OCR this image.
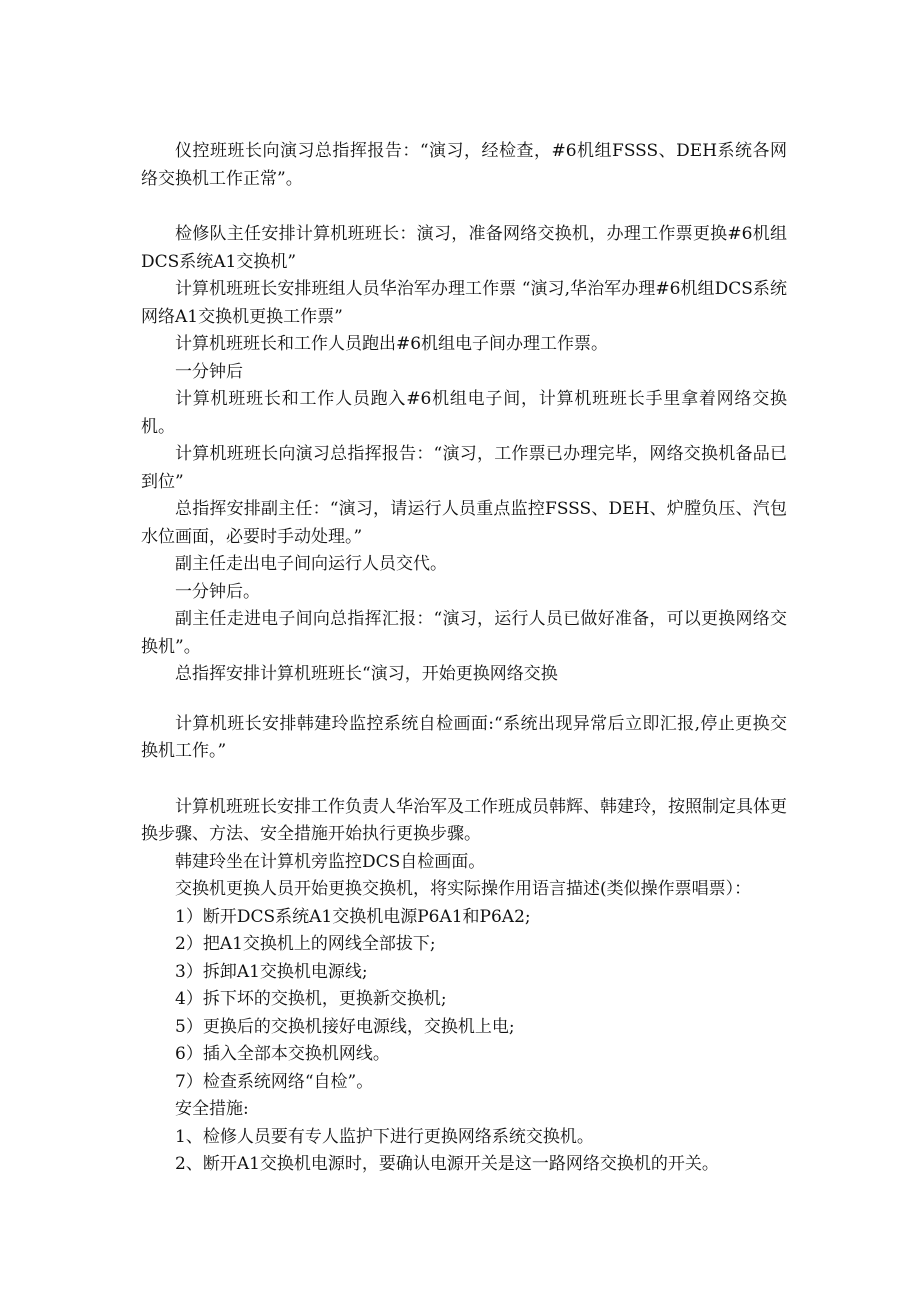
仪控班班长向演习总指挥报告：“演习，经检查，#6机组FSSS、DEH系统各网络交换机工作正常”。

检修队主任安排计算机班班长：演习，准备网络交换机，办理工作票更换#6机组DCS系统A1交换机”

计算机班班长安排班组人员华治军办理工作票 “演习,华治军办理#6机组DCS系统网络A1交换机更换工作票”

计算机班班长和工作人员跑出#6机组电子间办理工作票。

一分钟后

计算机班班长和工作人员跑入#6机组电子间，计算机班班长手里拿着网络交换机。

计算机班班长向演习总指挥报告：“演习，工作票已办理完毕，网络交换机备品已到位”

总指挥安排副主任：“演习，请运行人员重点监控FSSS、DEH、炉膛负压、汽包水位画面，必要时手动处理。”

副主任走出电子间向运行人员交代。

一分钟后。

副主任走进电子间向总指挥汇报：“演习，运行人员已做好准备，可以更换网络交换机”。

总指挥安排计算机班班长“演习，开始更换网络交换

计算机班长安排韩建玲监控系统自检画面:“系统出现异常后立即汇报,停止更换交换机工作。”

计算机班班长安排工作负责人华治军及工作班成员韩辉、韩建玲，按照制定具体更换步骤、方法、安全措施开始执行更换步骤。

韩建玲坐在计算机旁监控DCS自检画面。

交换机更换人员开始更换交换机，将实际操作用语言描述(类似操作票唱票）：

1）断开DCS系统A1交换机电源P6A1和P6A2;

2）把A1交换机上的网线全部拔下;

3）拆卸A1交换机电源线;

4）拆下坏的交换机，更换新交换机;

5）更换后的交换机接好电源线，交换机上电;

6）插入全部本交换机网线。

7）检查系统网络“自检”。

安全措施:

1、检修人员要有专人监护下进行更换网络系统交换机。

2、断开A1交换机电源时，要确认电源开关是这一路网络交换机的开关。
